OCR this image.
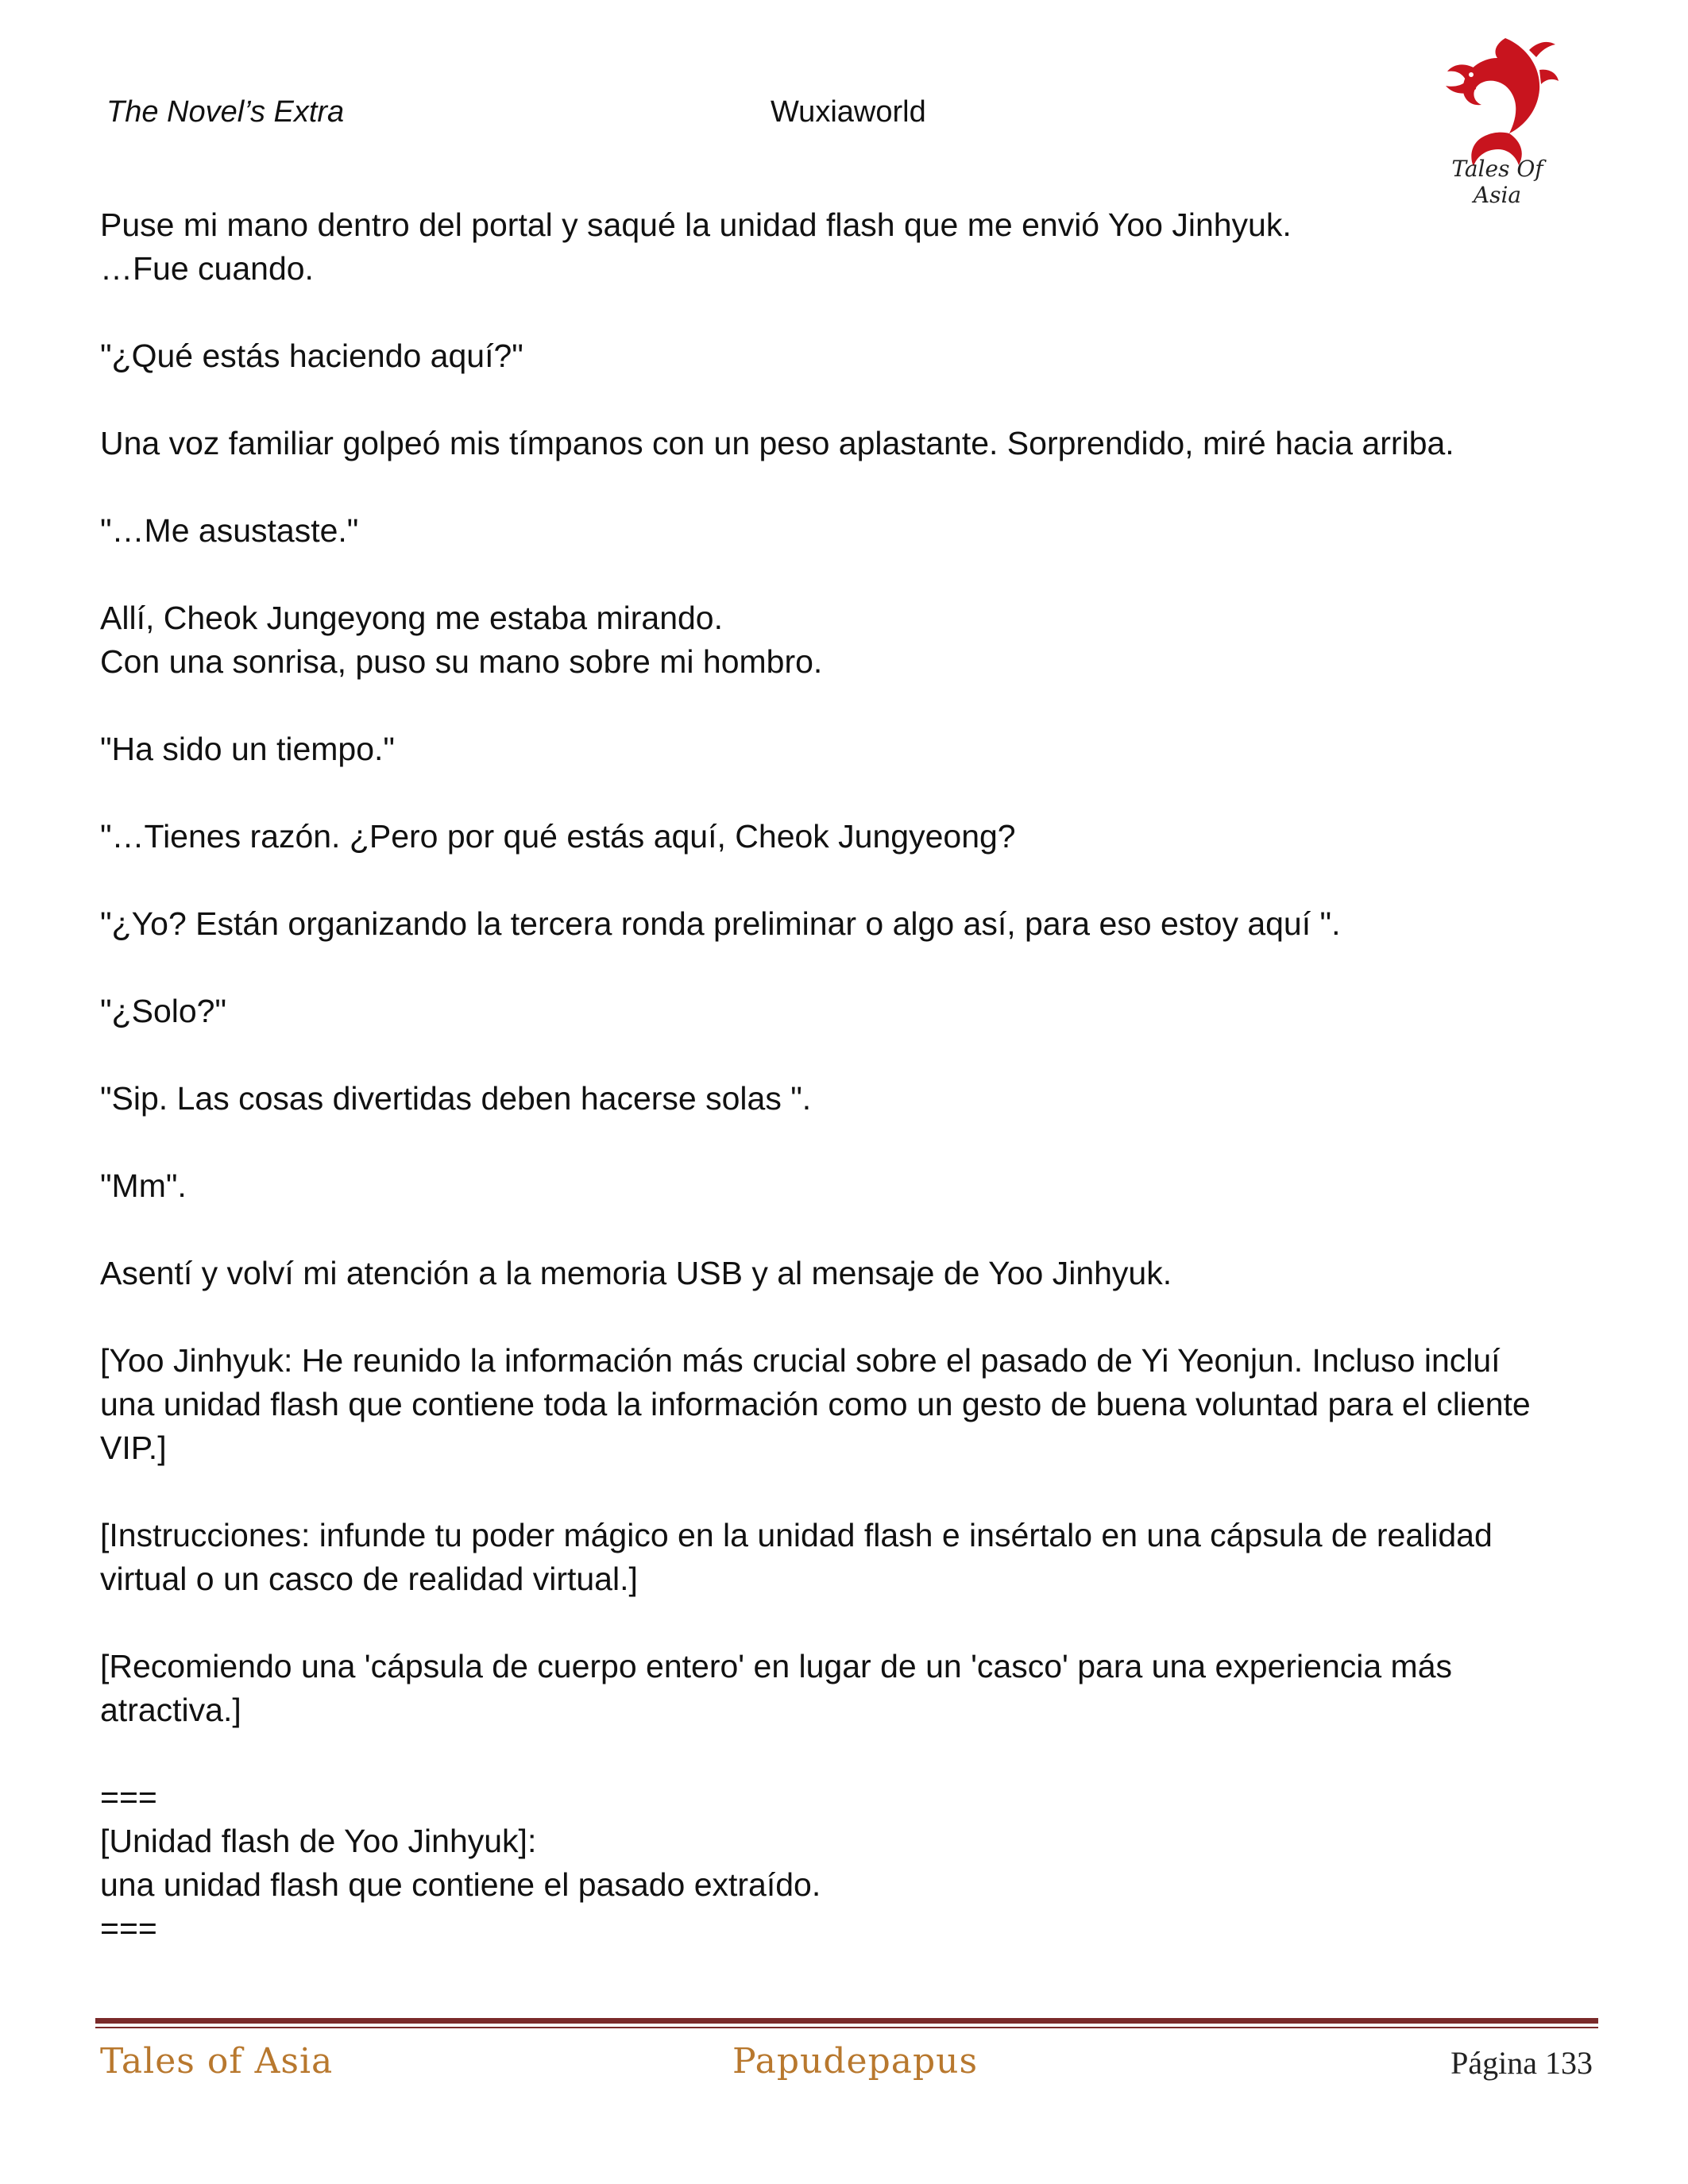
The Novel’s Extra	Wuxiaworld
Tales Of Asia
Puse mi mano dentro del portal y saqué la unidad flash que me envió Yoo Jinhyuk.
…Fue cuando.
"¿Qué estás haciendo aquí?"
Una voz familiar golpeó mis tímpanos con un peso aplastante. Sorprendido, miré hacia arriba.
"…Me asustaste."
Allí, Cheok Jungeyong me estaba mirando.
Con una sonrisa, puso su mano sobre mi hombro.
"Ha sido un tiempo."
"…Tienes razón. ¿Pero por qué estás aquí, Cheok Jungyeong?
"¿Yo? Están organizando la tercera ronda preliminar o algo así, para eso estoy aquí ".
"¿Solo?"
"Sip. Las cosas divertidas deben hacerse solas ".
"Mm".
Asentí y volví mi atención a la memoria USB y al mensaje de Yoo Jinhyuk.
[Yoo Jinhyuk: He reunido la información más crucial sobre el pasado de Yi Yeonjun. Incluso incluí
una unidad flash que contiene toda la información como un gesto de buena voluntad para el cliente
VIP.]
[Instrucciones: infunde tu poder mágico en la unidad flash e insértalo en una cápsula de realidad
virtual o un casco de realidad virtual.]
[Recomiendo una 'cápsula de cuerpo entero' en lugar de un 'casco' para una experiencia más
atractiva.]
===
[Unidad flash de Yoo Jinhyuk]:
una unidad flash que contiene el pasado extraído.
===
Tales of Asia	Papudepapus	Página 133
